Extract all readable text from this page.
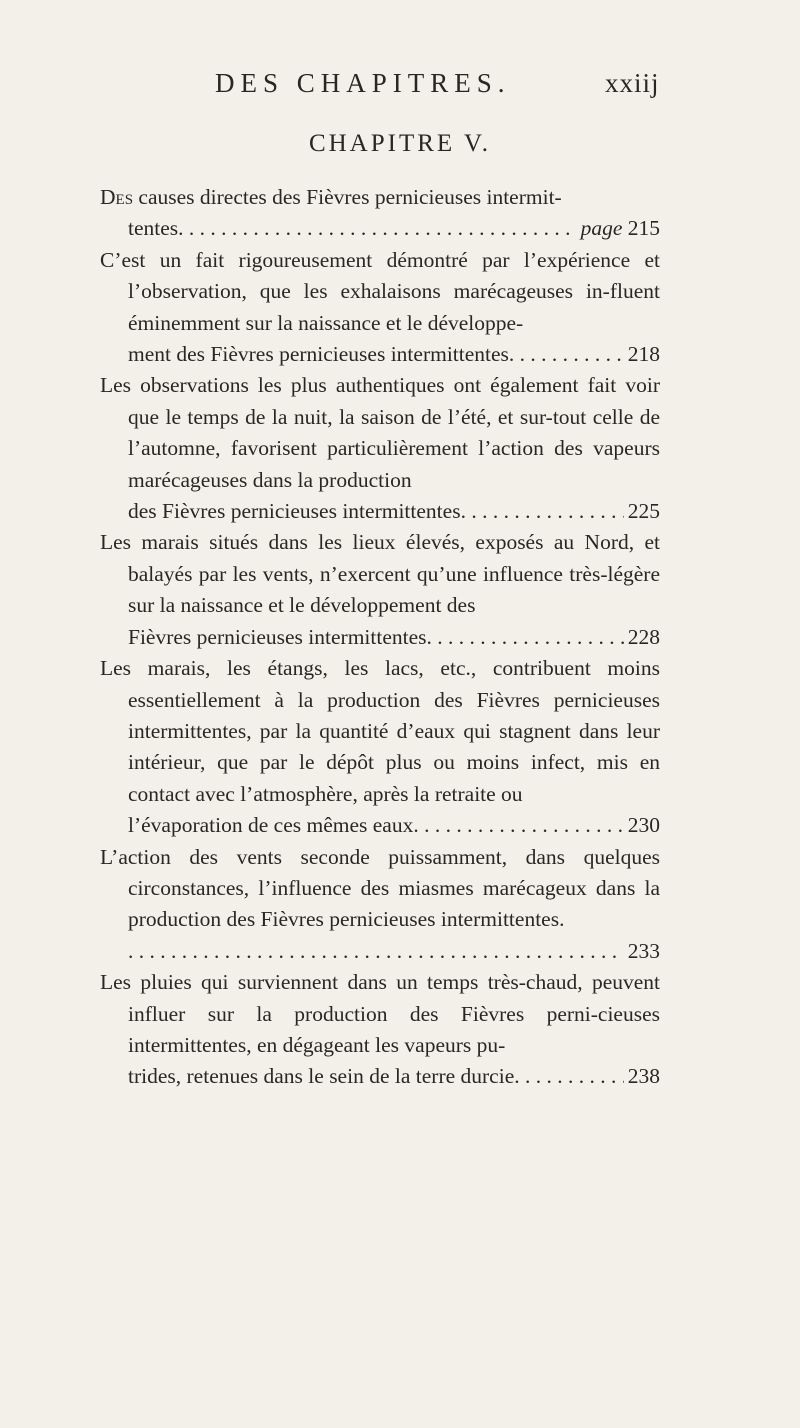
DES CHAPITRES.	xxiij
CHAPITRE V.
Des causes directes des Fièvres pernicieuses intermit-
tentes . . .	page 215
C’est un fait rigoureusement démontré par l’expérience et l’observation, que les exhalaisons marécageuses in-fluent éminemment sur la naissance et le développe-
ment des Fièvres pernicieuses intermittentes . . .	218
Les observations les plus authentiques ont également fait voir que le temps de la nuit, la saison de l’été, et sur-tout celle de l’automne, favorisent particulièrement l’action des vapeurs marécageuses dans la production
des Fièvres pernicieuses intermittentes . . .	225
Les marais situés dans les lieux élevés, exposés au Nord, et balayés par les vents, n’exercent qu’une influence très-légère sur la naissance et le développement des
Fièvres pernicieuses intermittentes . . .	228
Les marais, les étangs, les lacs, etc., contribuent moins essentiellement à la production des Fièvres pernicieuses intermittentes, par la quantité d’eaux qui stagnent dans leur intérieur, que par le dépôt plus ou moins infect, mis en contact avec l’atmosphère, après la retraite ou
l’évaporation de ces mêmes eaux . . .	230
L’action des vents seconde puissamment, dans quelques circonstances, l’influence des miasmes marécageux dans la production des Fièvres pernicieuses intermittentes.
. . .
233
Les pluies qui surviennent dans un temps très-chaud, peuvent influer sur la production des Fièvres perni-cieuses intermittentes, en dégageant les vapeurs pu-
trides, retenues dans le sein de la terre durcie . . .	238
